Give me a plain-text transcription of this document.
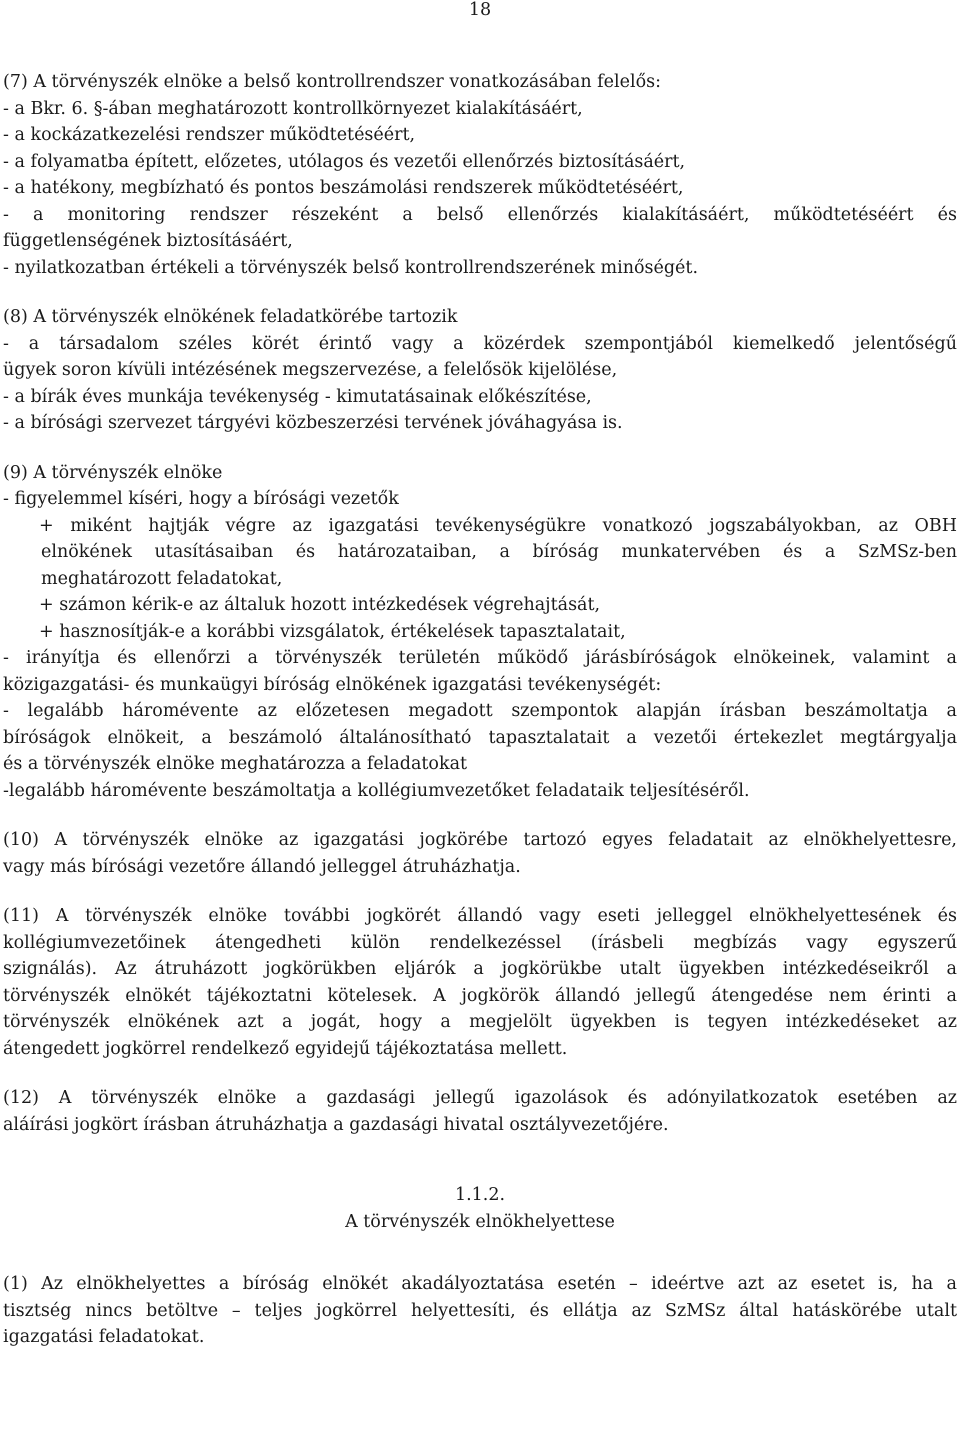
18
(7) A törvényszék elnöke a belső kontrollrendszer vonatkozásában felelős:
- a Bkr. 6. §-ában meghatározott kontrollkörnyezet kialakításáért,
- a kockázatkezelési rendszer működtetéséért,
- a folyamatba épített, előzetes, utólagos és vezetői ellenőrzés biztosításáért,
- a hatékony, megbízható és pontos beszámolási rendszerek működtetéséért,
- a monitoring rendszer részeként a belső ellenőrzés kialakításáért, működtetéséért és
függetlenségének biztosításáért,
- nyilatkozatban értékeli a törvényszék belső kontrollrendszerének minőségét.
(8) A törvényszék elnökének feladatkörébe tartozik
- a társadalom széles körét érintő vagy a közérdek szempontjából kiemelkedő jelentőségű
ügyek soron kívüli intézésének megszervezése, a felelősök kijelölése,
- a bírák éves munkája tevékenység - kimutatásainak előkészítése,
- a bírósági szervezet tárgyévi közbeszerzési tervének jóváhagyása is.
(9) A törvényszék elnöke
- figyelemmel kíséri, hogy a bírósági vezetők
+ miként hajtják végre az igazgatási tevékenységükre vonatkozó jogszabályokban, az OBH
elnökének utasításaiban és határozataiban, a bíróság munkatervében és a SzMSz-ben
meghatározott feladatokat,
+ számon kérik-e az általuk hozott intézkedések végrehajtását,
+ hasznosítják-e a korábbi vizsgálatok, értékelések tapasztalatait,
- irányítja és ellenőrzi a törvényszék területén működő járásbíróságok elnökeinek, valamint a
közigazgatási- és munkaügyi bíróság elnökének igazgatási tevékenységét:
- legalább háromévente az előzetesen megadott szempontok alapján írásban beszámoltatja a
bíróságok elnökeit, a beszámoló általánosítható tapasztalatait a vezetői értekezlet megtárgyalja
és a törvényszék elnöke meghatározza a feladatokat
-legalább háromévente beszámoltatja a kollégiumvezetőket feladataik teljesítéséről.
(10) A törvényszék elnöke az igazgatási jogkörébe tartozó egyes feladatait az elnökhelyettesre,
vagy más bírósági vezetőre állandó jelleggel átruházhatja.
(11) A törvényszék elnöke további jogkörét állandó vagy eseti jelleggel elnökhelyettesének és
kollégiumvezetőinek átengedheti külön rendelkezéssel (írásbeli megbízás vagy egyszerű
szignálás). Az átruházott jogkörükben eljárók a jogkörükbe utalt ügyekben intézkedéseikről a
törvényszék elnökét tájékoztatni kötelesek. A jogkörök állandó jellegű átengedése nem érinti a
törvényszék elnökének azt a jogát, hogy a megjelölt ügyekben is tegyen intézkedéseket az
átengedett jogkörrel rendelkező egyidejű tájékoztatása mellett.
(12) A törvényszék elnöke a gazdasági jellegű igazolások és adónyilatkozatok esetében az
aláírási jogkört írásban átruházhatja a gazdasági hivatal osztályvezetőjére.
1.1.2.
A törvényszék elnökhelyettese
(1) Az elnökhelyettes a bíróság elnökét akadályoztatása esetén – ideértve azt az esetet is, ha a
tisztség nincs betöltve – teljes jogkörrel helyettesíti, és ellátja az SzMSz által hatáskörébe utalt
igazgatási feladatokat.
